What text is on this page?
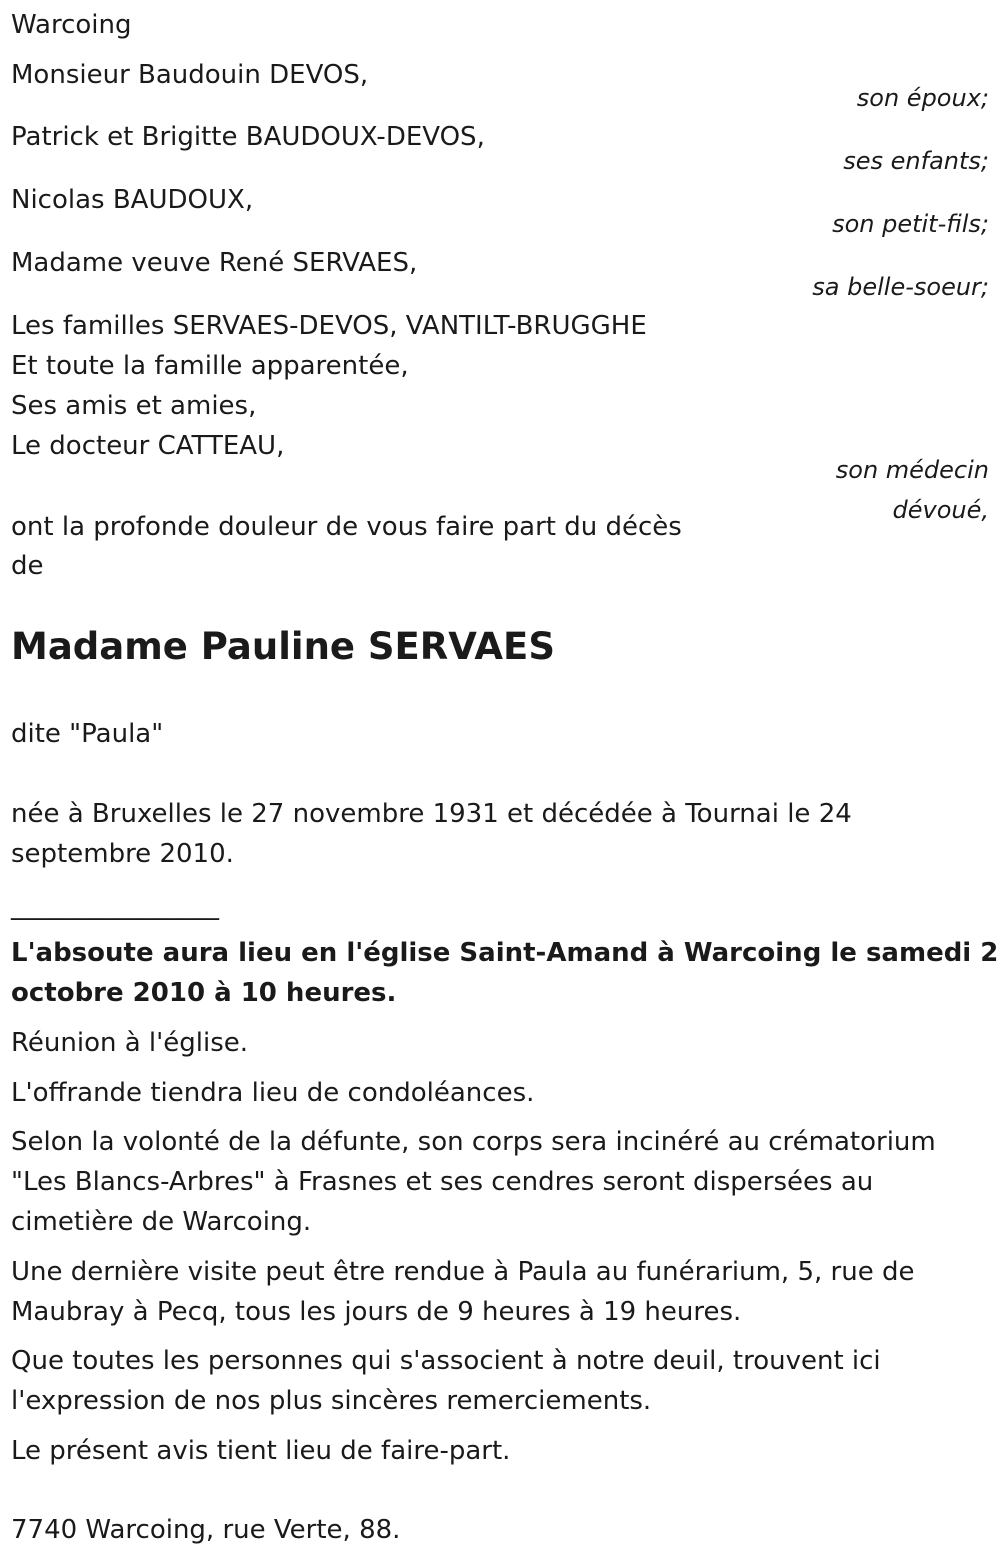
Warcoing
Monsieur Baudouin DEVOS,
son époux;
Patrick et Brigitte BAUDOUX-DEVOS,
ses enfants;
Nicolas BAUDOUX,
son petit-fils;
Madame veuve René SERVAES,
sa belle-soeur;
Les familles SERVAES-DEVOS, VANTILT-BRUGGHE
Et toute la famille apparentée,
Ses amis et amies,
Le docteur CATTEAU,
son médecin
dévoué,
ont la profonde douleur de vous faire part du décès
de
Madame Pauline SERVAES
dite "Paula"
née à Bruxelles le 27 novembre 1931 et décédée à Tournai le 24
septembre 2010.
________________
L'absoute aura lieu en l'église Saint-Amand à Warcoing le samedi 2
octobre 2010 à 10 heures.
Réunion à l'église.
L'offrande tiendra lieu de condoléances.
Selon la volonté de la défunte, son corps sera inciné​ré au crématorium
"Les Blancs-Arbres" à Frasnes et ses cendres seront dispersées au
cimetière de Warcoing.
Une dernière visite peut être rendue à Paula au funérarium, 5, rue de
Maubray à Pecq, tous les jours de 9 heures à 19 heures.
Que toutes les personnes qui s'associent à notre deuil, trouvent ici
l'expression de nos plus sincères remerciements.
Le présent avis tient lieu de faire-part.
7740 Warcoing, rue Verte, 88.
